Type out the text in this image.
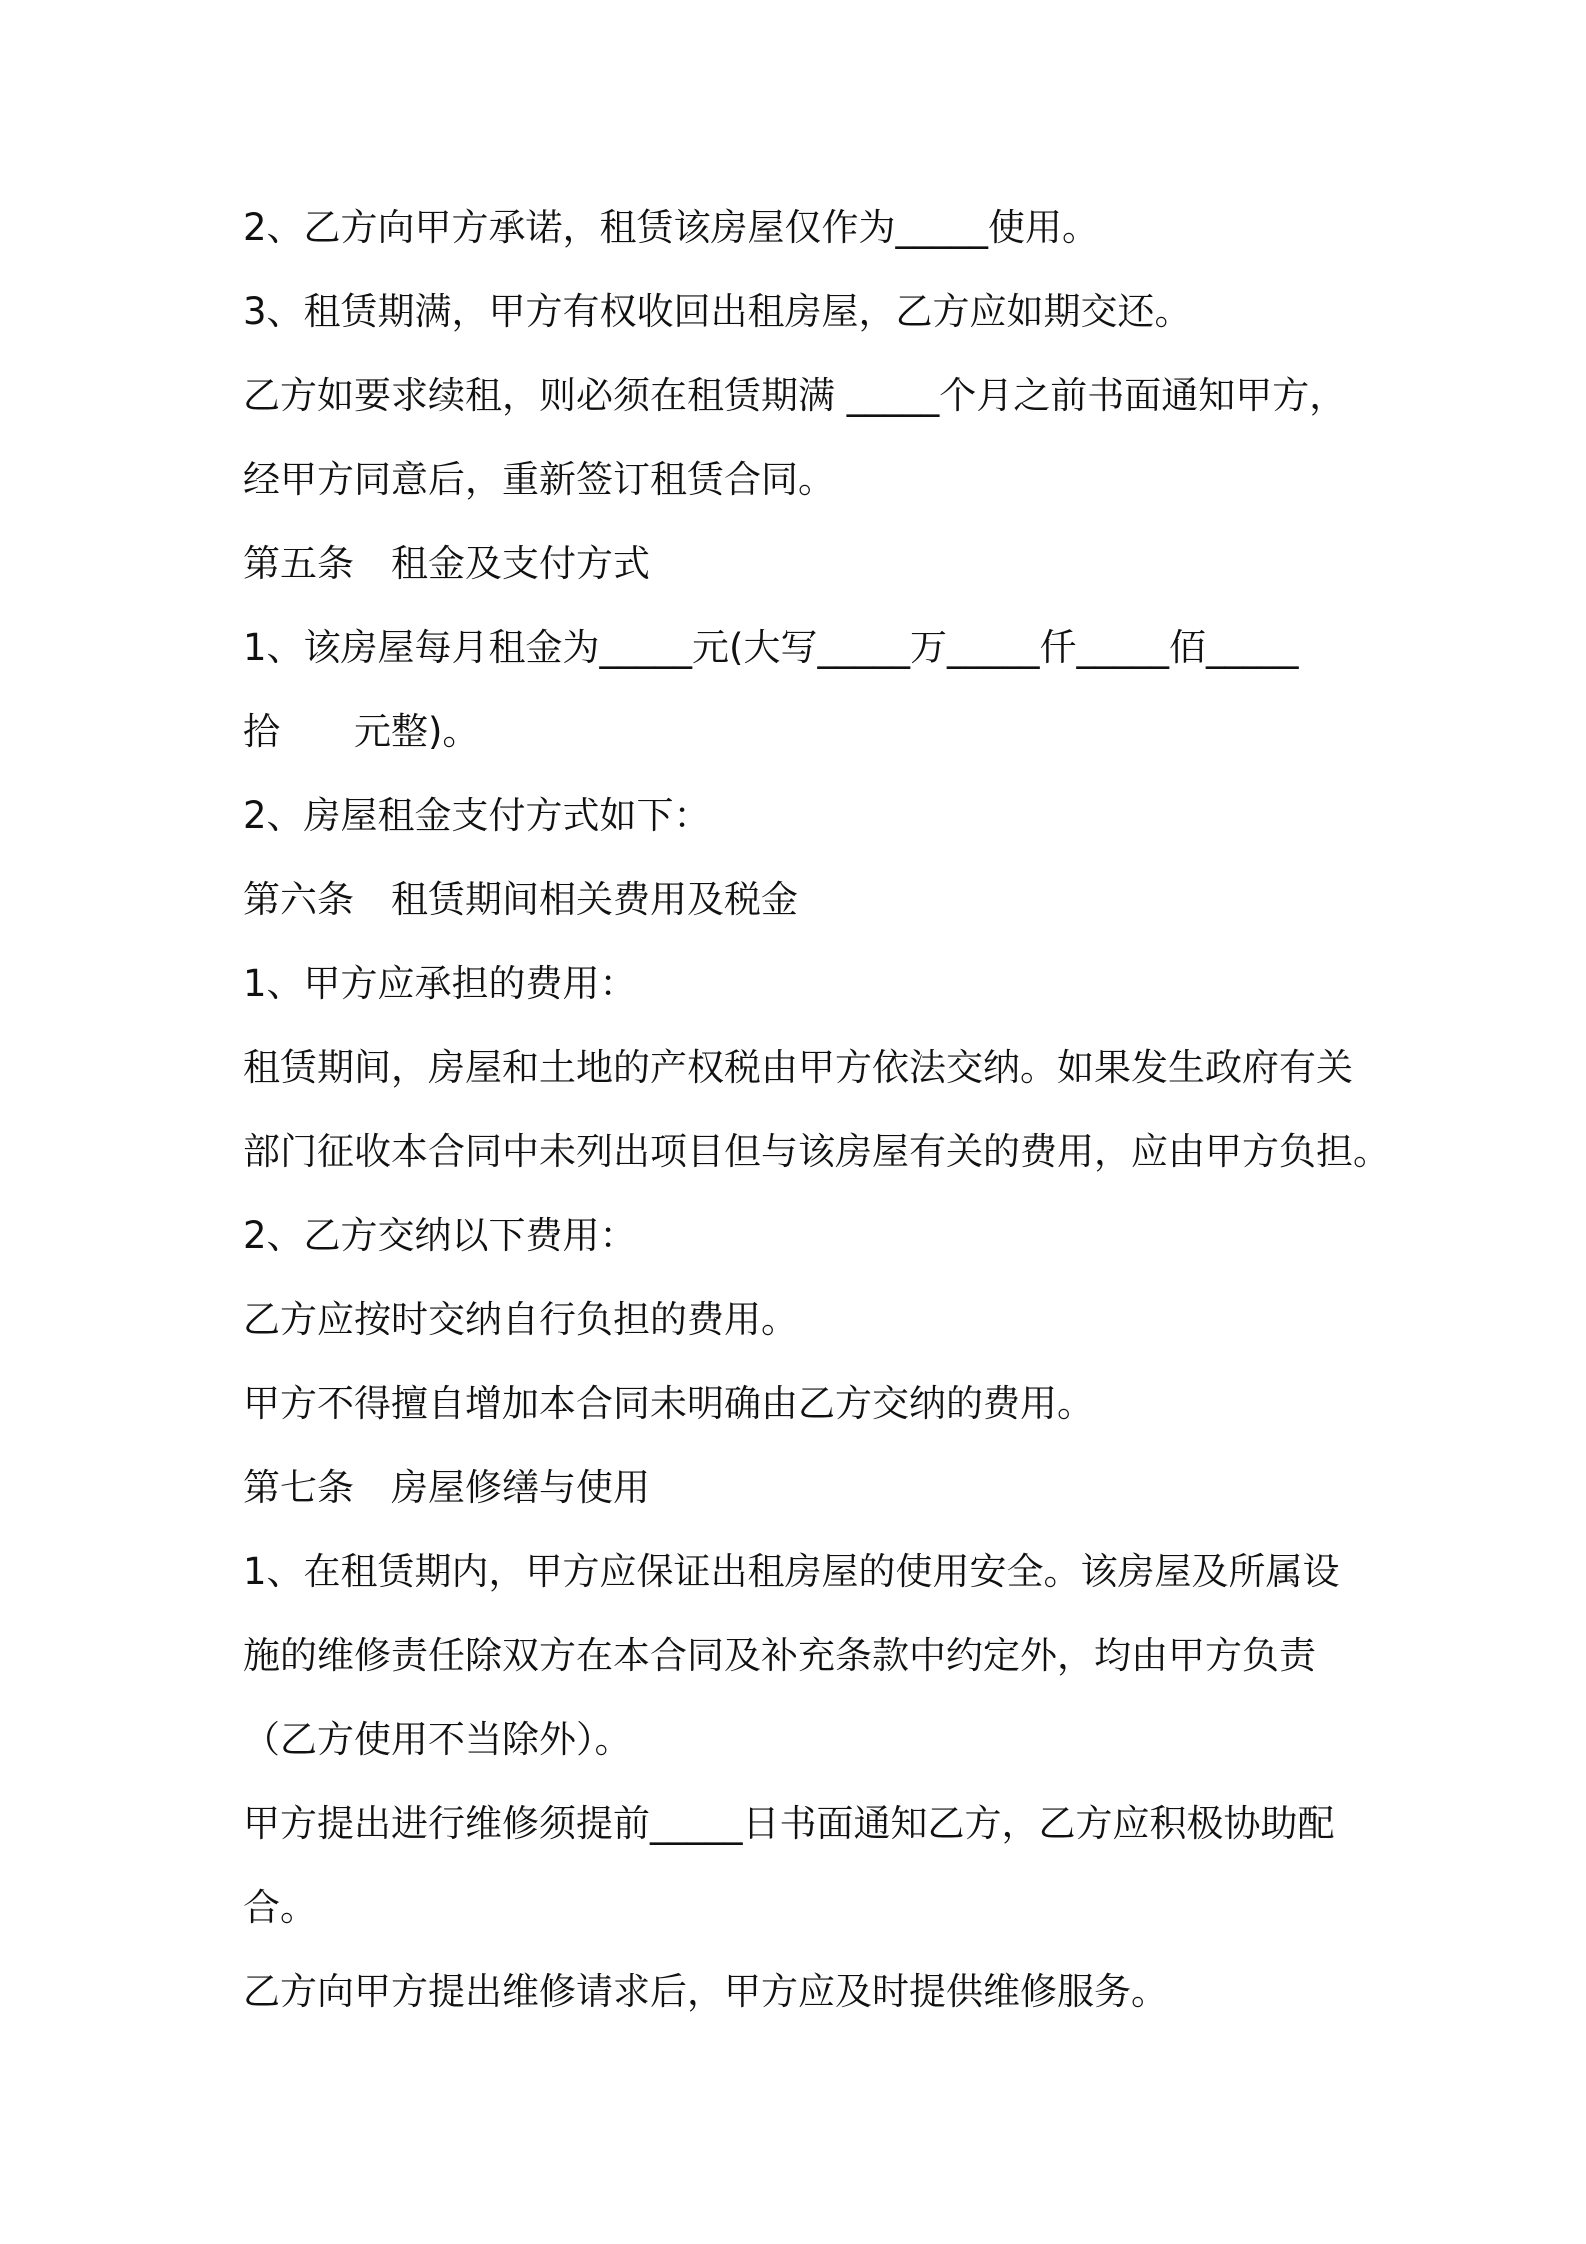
2、乙方向甲方承诺，租赁该房屋仅作为_____使用。
3、租赁期满，甲方有权收回出租房屋，乙方应如期交还。
乙方如要求续租，则必须在租赁期满 _____个月之前书面通知甲方，
经甲方同意后，重新签订租赁合同。
第五条　租金及支付方式
1、该房屋每月租金为_____元(大写_____万_____仟_____佰_____
拾　　元整)。
2、房屋租金支付方式如下：
第六条　租赁期间相关费用及税金
1、甲方应承担的费用：
租赁期间，房屋和土地的产权税由甲方依法交纳。如果发生政府有关
部门征收本合同中未列出项目但与该房屋有关的费用，应由甲方负担。
2、乙方交纳以下费用：
乙方应按时交纳自行负担的费用。
甲方不得擅自增加本合同未明确由乙方交纳的费用。
第七条　房屋修缮与使用
1、在租赁期内，甲方应保证出租房屋的使用安全。该房屋及所属设
施的维修责任除双方在本合同及补充条款中约定外，均由甲方负责
（乙方使用不当除外）。
甲方提出进行维修须提前_____日书面通知乙方，乙方应积极协助配
合。
乙方向甲方提出维修请求后，甲方应及时提供维修服务。
